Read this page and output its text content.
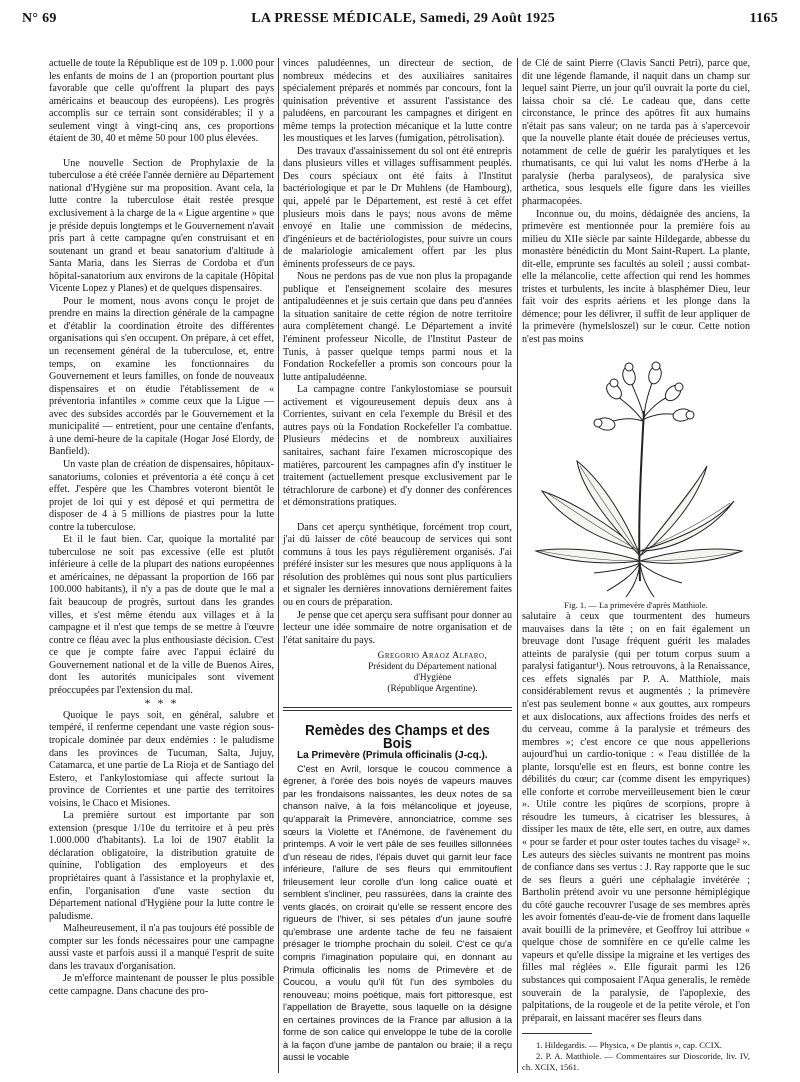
N° 69	LA PRESSE MÉDICALE, Samedi, 29 Août 1925	1165

actuelle de toute la République est de 109 p. 1.000 pour les enfants de moins de 1 an (proportion pourtant plus favorable que celle qu'offrent la plupart des pays américains et beaucoup des européens). Les progrès accomplis sur ce terrain sont considérables; il y a seulement vingt à vingt-cinq ans, ces proportions étaient de 30, 40 et même 50 pour 100 plus élevées.

Une nouvelle Section de Prophylaxie de la tuberculose a été créée l'année dernière au Département national d'Hygiène sur ma proposition. Avant cela, la lutte contre la tuberculose était restée presque exclusivement à la charge de la « Ligue argentine » que je préside depuis longtemps et le Gouvernement n'avait pris part à cette campagne qu'en construisant et en soutenant un grand et beau sanatorium d'altitude à Santa Maria, dans les Sierras de Cordoba et d'un hôpital-sanatorium aux environs de la capitale (Hôpital Vicente Lopez y Planes) et de quelques dispensaires.

Pour le moment, nous avons conçu le projet de prendre en mains la direction générale de la campagne et d'établir la coordination étroite des différentes organisations qui s'en occupent. On prépare, à cet effet, un recensement général de la tuberculose, et, entre temps, on examine les fonctionnaires du Gouvernement et leurs familles, on fonde de nouveaux dispensaires et on étudie l'établissement de « préventoria infantiles » comme ceux que la Ligue — avec des subsides accordés par le Gouvernement et la municipalité — entretient, pour une centaine d'enfants, à une demi-heure de la capitale (Hogar José Elordy, de Banfield).

Un vaste plan de création de dispensaires, hôpitaux-sanatoriums, colonies et préventoria a été conçu à cet effet. J'espère que les Chambres voteront bientôt le projet de loi qui y est déposé et qui permettra de disposer de 4 à 5 millions de piastres pour la lutte contre la tuberculose.

Et il le faut bien. Car, quoique la mortalité par tuberculose ne soit pas excessive (elle est plutôt inférieure à celle de la plupart des nations européennes et américaines, ne dépassant la proportion de 166 par 100.000 habitants), il n'y a pas de doute que le mal a fait beaucoup de progrès, surtout dans les grandes villes, et s'est même étendu aux villages et à la campagne et il n'est que temps de se mettre à l'œuvre contre ce fléau avec la plus enthousiaste décision. C'est ce que je compte faire avec l'appui éclairé du Gouvernement national et de la ville de Buenos Aires, dont les autorités municipales sont vivement préoccupées par l'extension du mal.

* * *

Quoique le pays soit, en général, salubre et tempéré, il renferme cependant une vaste région sous-tropicale dominée par deux endémies : le paludisme dans les provinces de Tucuman, Salta, Jujuy, Catamarca, et une partie de La Rioja et de Santiago del Estero, et l'ankylostomiase qui affecte surtout la province de Corrientes et une partie des territoires voisins, le Chaco et Misiones.

La première surtout est importante par son extension (presque 1/10e du territoire et à peu près 1.000.000 d'habitants). La loi de 1907 établit la déclaration obligatoire, la distribution gratuite de quinine, l'obligation des employeurs et des propriétaires quant à l'assistance et la prophylaxie et, enfin, l'organisation d'une vaste section du Département national d'Hygiène pour la lutte contre le paludisme.

Malheureusement, il n'a pas toujours été possible de compter sur les fonds nécessaires pour une campagne aussi vaste et parfois aussi il a manqué l'esprit de suite dans les travaux d'organisation.

Je m'efforce maintenant de pousser le plus possible cette campagne. Dans chacune des pro-

vinces paludéennes, un directeur de section, de nombreux médecins et des auxiliaires sanitaires spécialement préparés et nommés par concours, font la quinisation préventive et assurent l'assistance des paludéens, en parcourant les campagnes et dirigent en même temps la protection mécanique et la lutte contre les moustiques et les larves (fumigation, pétrolisation).

Des travaux d'assainissement du sol ont été entrepris dans plusieurs villes et villages suffisamment peuplés. Des cours spéciaux ont été faits à l'Institut bactériologique et par le Dr Muhlens (de Hambourg), qui, appelé par le Département, est resté à cet effet plusieurs mois dans le pays; nous avons de même envoyé en Italie une commission de médecins, d'ingénieurs et de bactériologistes, pour suivre un cours de malariologie amicalement offert par les plus éminents professeurs de ce pays.

Nous ne perdons pas de vue non plus la propagande publique et l'enseignement scolaire des mesures antipaludéennes et je suis certain que dans peu d'années la situation sanitaire de cette région de notre territoire aura complètement changé. Le Département a invité l'éminent professeur Nicolle, de l'Institut Pasteur de Tunis, à passer quelque temps parmi nous et la Fondation Rockefeller a promis son concours pour la lutte antipaludéenne.

La campagne contre l'ankylostomiase se poursuit activement et vigoureusement depuis deux ans à Corrientes, suivant en cela l'exemple du Brésil et des autres pays où la Fondation Rockefeller l'a combattue. Plusieurs médecins et de nombreux auxiliaires sanitaires, sachant faire l'examen microscopique des matières, parcourent les campagnes afin d'y instituer le traitement (actuellement presque exclusivement par le tétrachlorure de carbone) et d'y donner des conférences et démonstrations pratiques.

Dans cet aperçu synthétique, forcément trop court, j'ai dû laisser de côté beaucoup de services qui sont communs à tous les pays régulièrement organisés. J'ai préféré insister sur les mesures que nous appliquons à la résolution des problèmes qui nous sont plus particuliers et signaler les dernières innovations dernièrement faites ou en cours de préparation.

Je pense que cet aperçu sera suffisant pour donner au lecteur une idée sommaire de notre organisation et de l'état sanitaire du pays.

Gregorio Araoz Alfaro,
Président du Département national
d'Hygiène
(République Argentine).

Remèdes des Champs et des Bois

La Primevère (Primula officinalis (J-cq.).

C'est en Avril, lorsque le coucou commence à égrener, à l'orée des bois noyés de vapeurs mauves par les frondaisons naissantes, les deux notes de sa chanson naïve, à la fois mélancolique et joyeuse, qu'apparaît la Primevère, annonciatrice, comme ses sœurs la Violette et l'Anémone, de l'avènement du printemps. A voir le vert pâle de ses feuilles sillonnées d'un réseau de rides, l'épais duvet qui garnit leur face inférieure, l'allure de ses fleurs qui emmitouflent frileusement leur corolle d'un long calice ouaté et semblent s'incliner, peu rassurées, dans la crainte des vents glacés, on croirait qu'elle se ressent encore des rigueurs de l'hiver, si ses pétales d'un jaune soufré qu'embrase une ardente tache de feu ne faisaient présager le triomphe prochain du soleil. C'est ce qu'a compris l'imagination populaire qui, en donnant au Primula officinalis les noms de Primevère et de Coucou, a voulu qu'il fût l'un des symboles du renouveau; moins poétique, mais fort pittoresque, est l'appellation de Brayette, sous laquelle on la désigne en certaines provinces de la France par allusion à la forme de son calice qui enveloppe le tube de la corolle à la façon d'une jambe de pantalon ou braie; il a reçu aussi le vocable

de Clé de saint Pierre (Clavis Sancti Petri), parce que, dit une légende flamande, il naquit dans un champ sur lequel saint Pierre, un jour qu'il ouvrait la porte du ciel, laissa choir sa clé. Le cadeau que, dans cette circonstance, le prince des apôtres fit aux humains n'était pas sans valeur; on ne tarda pas à s'apercevoir que la nouvelle plante était douée de précieuses vertus, notamment de celle de guérir les paralytiques et les rhumatisants, ce qui lui valut les noms d'Herbe à la paralysie (herba paralyseos), de paralysica sive arthetica, sous lesquels elle figure dans les vieilles pharmacopées.

Inconnue ou, du moins, dédaignée des anciens, la primevère est mentionnée pour la première fois au milieu du XIIe siècle par sainte Hildegarde, abbesse du monastère bénédictin du Mont Saint-Rupert. La plante, dit-elle, emprunte ses facultés au soleil ; aussi combat-elle la mélancolie, cette affection qui rend les hommes tristes et turbulents, les incite à blasphémer Dieu, leur fait voir des esprits aériens et les plonge dans la démence; pour les délivrer, il suffit de leur appliquer de la primevère (hymelsloszel) sur le cœur. Cette notion n'est pas moins

Fig. 1. — La primevère d'après Matthiole.

salutaire à ceux que tourmentent des humeurs mauvaises dans la tête ; on en fait également un breuvage dont l'usage fréquent guérit les malades atteints de paralysie (qui per totum corpus suum a paralysi fatigantur¹). Nous retrouvons, à la Renaissance, ces effets signalés par P. A. Matthiole, mais considérablement revus et augmentés ; la primevère n'est pas seulement bonne « aux gouttes, aux rompeurs et aux dislocations, aux affections froides des nerfs et du cerveau, comme à la paralysie et trémeurs des membres »; c'est encore ce que nous appellerions aujourd'hui un cardio-tonique : « l'eau distillée de la plante, lorsqu'elle est en fleurs, est bonne contre les débilités du cœur; car (comme disent les empyriques) elle conforte et corrobe merveilleusement bien le cœur ». Utile contre les piqûres de scorpions, propre à résoudre les tumeurs, à cicatriser les blessures, à dissiper les maux de tête, elle sert, en outre, aux dames « pour se farder et pour oster toutes taches du visage² ». Les auteurs des siècles suivants ne montrent pas moins de confiance dans ses vertus : J. Ray rapporte que le suc de ses fleurs a guéri une céphalagie invétérée ; Bartholin prétend avoir vu une personne hémiplégique du côté gauche recouvrer l'usage de ses membres après les avoir fomentés d'eau-de-vie de froment dans laquelle avait bouilli de la primevère, et Geoffroy lui attribue « quelque chose de somnifère en ce qu'elle calme les vapeurs et qu'elle dissipe la migraine et les vertiges des filles mal réglées ». Elle figurait parmi les 126 substances qui composaient l'Aqua generalis, le remède souverain de la paralysie, de l'apoplexie, des palpitations, de la rougeole et de la petite vérole, et l'on préparait, en laissant macérer ses fleurs dans

1. Hildegardis. — Physica, « De plantis », cap. CCIX.

2. P. A. Matthiole. — Commentaires sur Dioscoride, liv. IV, ch. XCIX, 1561.
